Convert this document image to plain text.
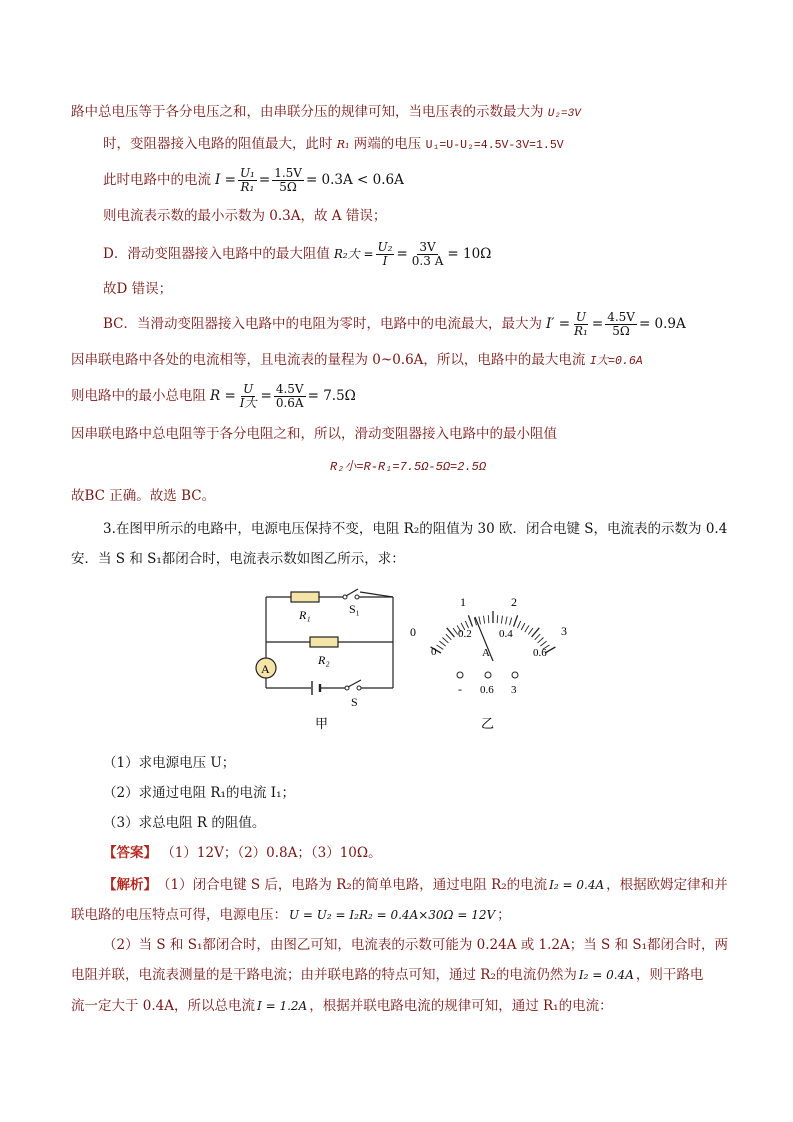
路中总电压等于各分电压之和，由串联分压的规律可知，当电压表的示数最大为 U₂=3V
时，变阻器接入电路的阻值最大，此时 R₁ 两端的电压 U₁=U-U₂=4.5V-3V=1.5V
此时电路中的电流 $I = \frac{\text{U₁}}{\text{R₁}} = \frac{1.5V}{5\Omega} = 0.3A < 0.6A$
则电流表示数的最小示数为 0.3A，故 A 错误；
D．滑动变阻器接入电路中的最大阻值 R₂大 = $\frac{\text{U₂}}{I} = \frac{3V}{0.3 A} = 10\Omega$
故D 错误；
BC．当滑动变阻器接入电路中的电阻为零时，电路中的电流最大，最大为 $I' = \frac{U}{\text{R₁}} = \frac{4.5V}{5\Omega} = 0.9A$
因串联电路中各处的电流相等，且电流表的量程为 0~0.6A，所以，电路中的最大电流 I大=0.6A
则电路中的最小总电阻 $R = \frac{U}{\text{I大}} = \frac{4.5V}{0.6A} = 7.5\Omega$
因串联电路中总电阻等于各分电阻之和，所以，滑动变阻器接入电路中的最小阻值
R₂小=R-R₁=7.5Ω-5Ω=2.5Ω
故BC 正确。故选 BC。
3.在图甲所示的电路中，电源电压保持不变，电阻 R₂的阻值为 30 欧．闭合电键 S，电流表的示数为 0.4
安．当 S 和 S₁都闭合时，电流表示数如图乙所示，求：
R₁	S₁
R₂
A
S
甲
0
1	2
3
0
0.2 0.4
0.6
A
- 0.6 3
乙
（1）求电源电压 U；
（2）求通过电阻 R₁的电流 I₁；
（3）求总电阻 R 的阻值。
【答案】 （1）12V；（2）0.8A；（3）10Ω。
【解析】 （1）闭合电键 S 后，电路为 R₂的简单电路，通过电阻 R₂的电流 I₂ = 0.4A ，根据欧姆定律和并
联电路的电压特点可得，电源电压： U = U₂ = I₂R₂ = 0.4A×30Ω = 12V ；
（2）当 S 和 S₁都闭合时，由图乙可知，电流表的示数可能为 0.24A 或 1.2A；当 S 和 S₁都闭合时，两
电阻并联，电流表测量的是干路电流；由并联电路的特点可知，通过 R₂的电流仍然为 I₂ = 0.4A ，则干路电
流一定大于 0.4A，所以总电流 I = 1.2A ，根据并联电路电流的规律可知，通过 R₁的电流：
